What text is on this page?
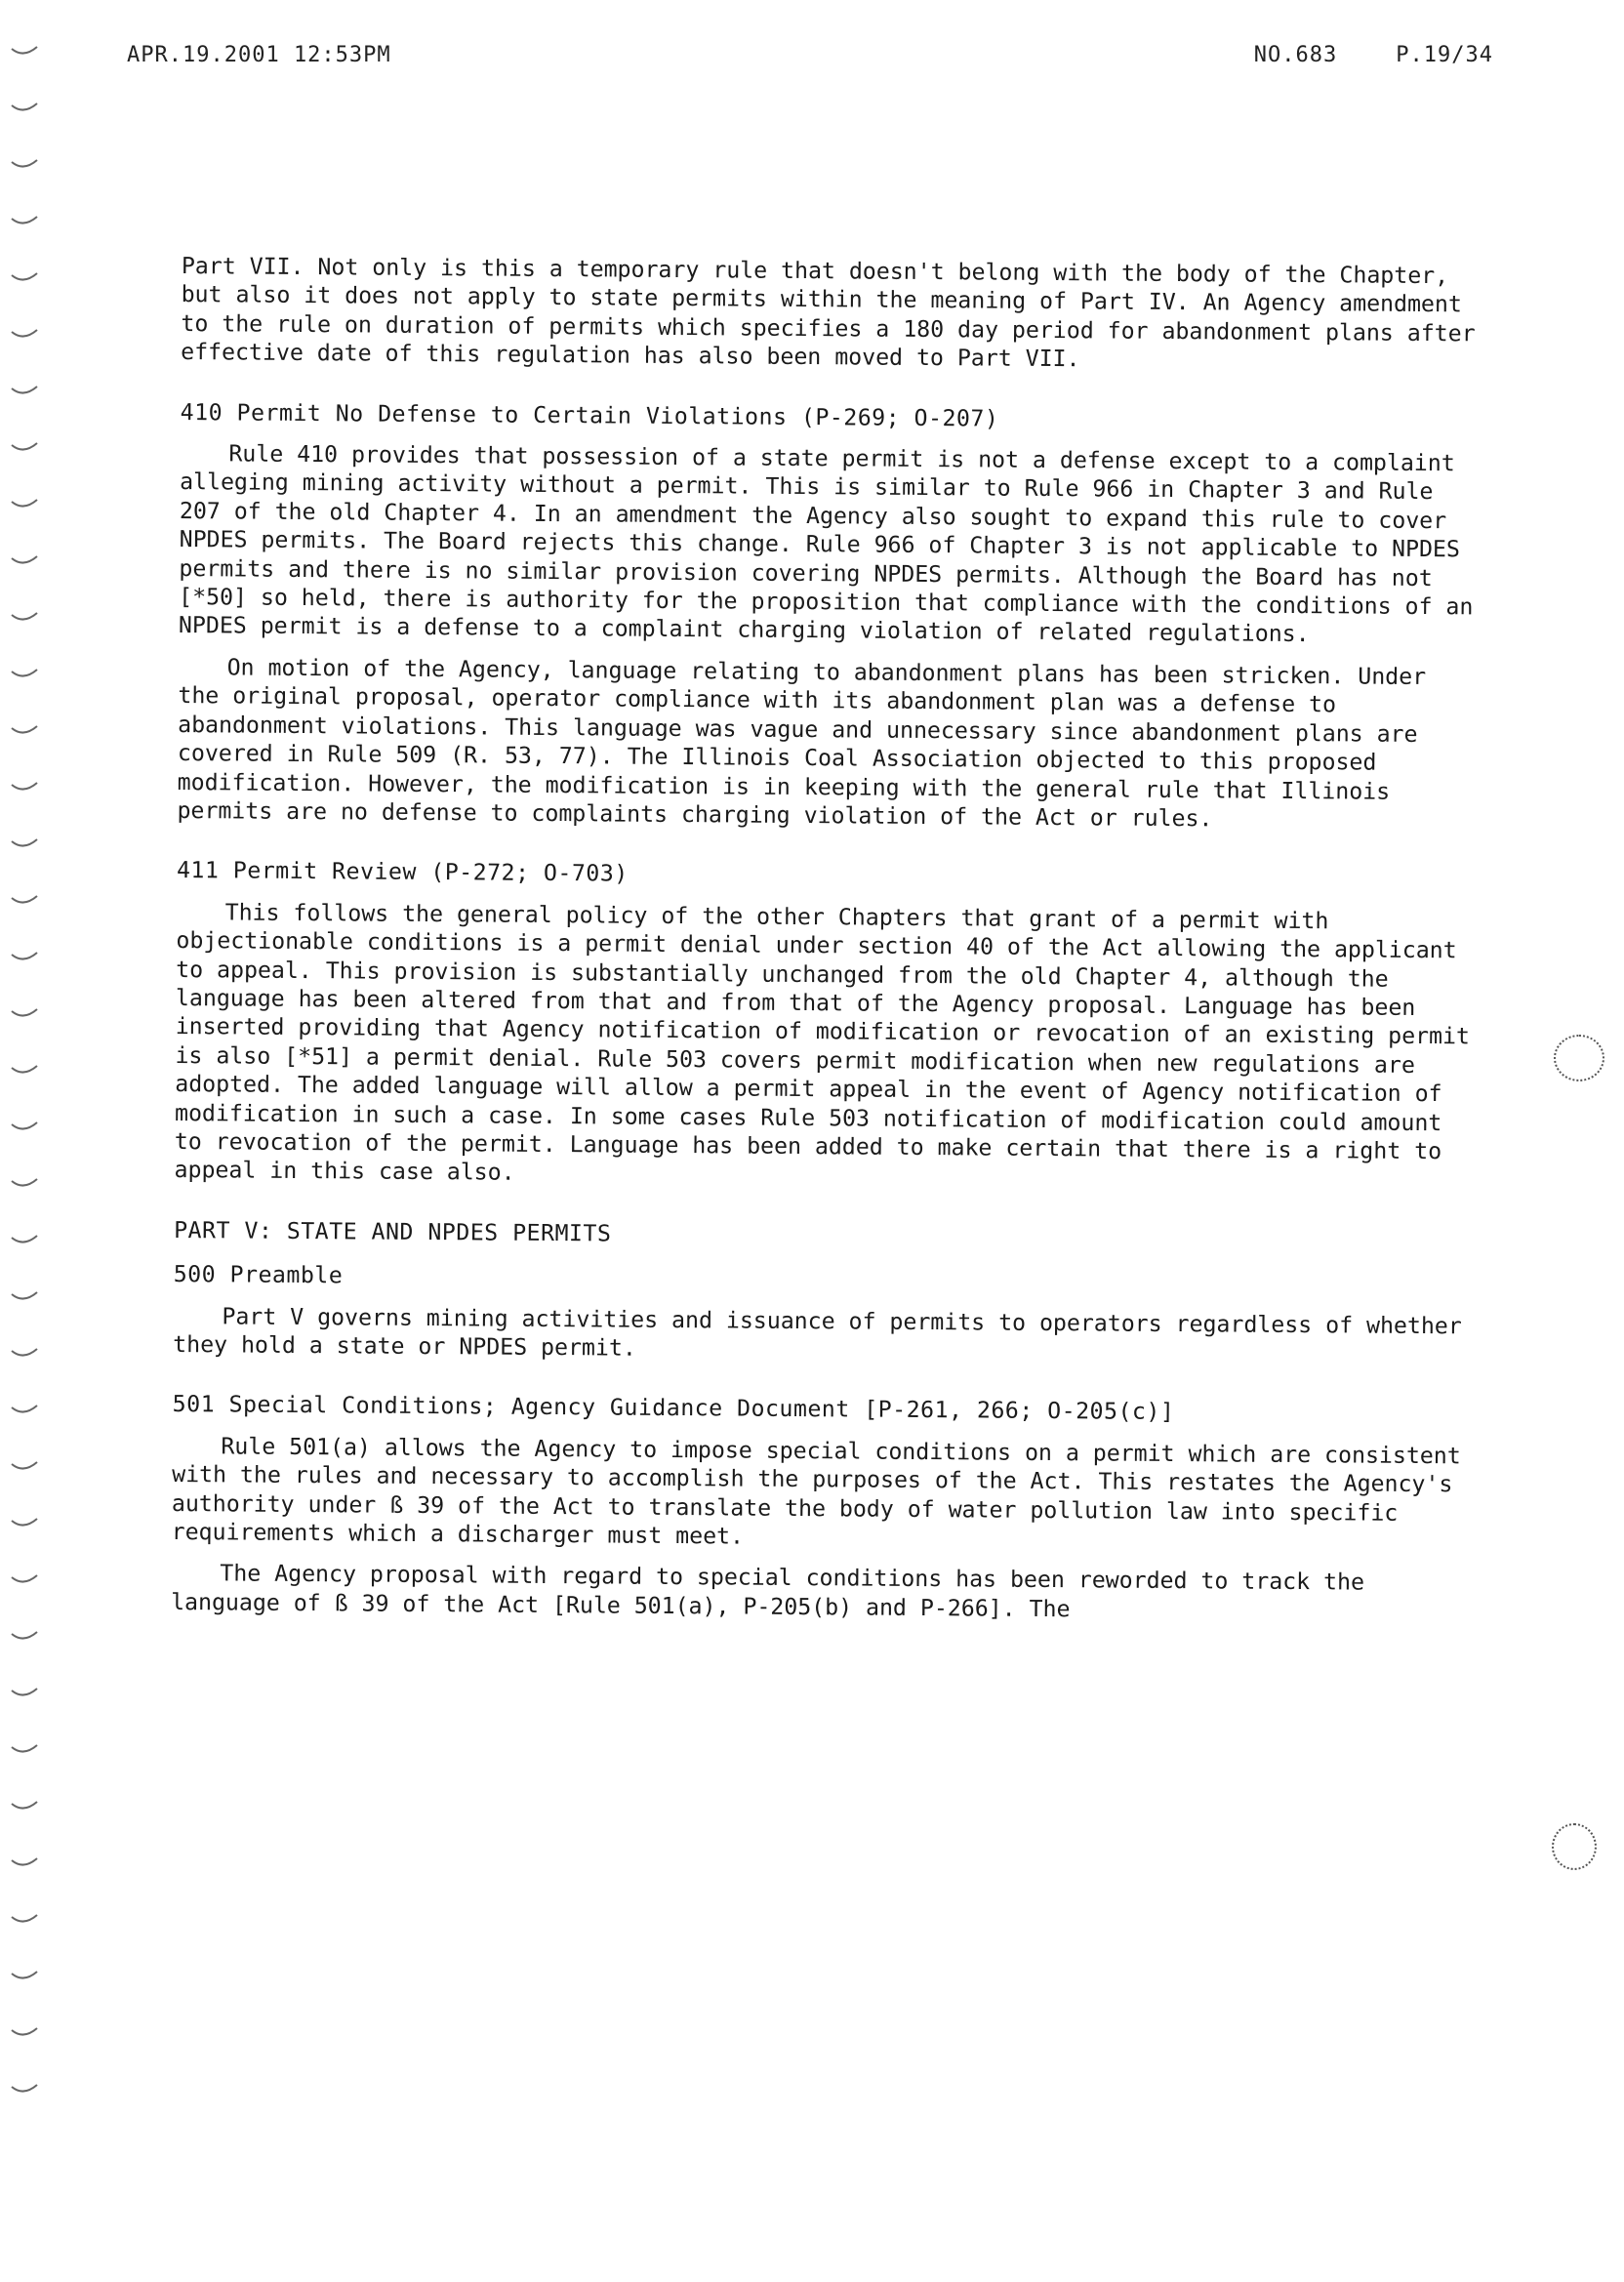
APR.19.2001 12:53PM	NO.683	P.19/34

Part VII. Not only is this a temporary rule that doesn't belong with the body of the Chapter, but also it does not apply to state permits within the meaning of Part IV. An Agency amendment to the rule on duration of permits which specifies a 180 day period for abandonment plans after effective date of this regulation has also been moved to Part VII.

410 Permit No Defense to Certain Violations (P-269; O-207)

Rule 410 provides that possession of a state permit is not a defense except to a complaint alleging mining activity without a permit. This is similar to Rule 966 in Chapter 3 and Rule 207 of the old Chapter 4. In an amendment the Agency also sought to expand this rule to cover NPDES permits. The Board rejects this change. Rule 966 of Chapter 3 is not applicable to NPDES permits and there is no similar provision covering NPDES permits. Although the Board has not [*50] so held, there is authority for the proposition that compliance with the conditions of an NPDES permit is a defense to a complaint charging violation of related regulations.

On motion of the Agency, language relating to abandonment plans has been stricken. Under the original proposal, operator compliance with its abandonment plan was a defense to abandonment violations. This language was vague and unnecessary since abandonment plans are covered in Rule 509 (R. 53, 77). The Illinois Coal Association objected to this proposed modification. However, the modification is in keeping with the general rule that Illinois permits are no defense to complaints charging violation of the Act or rules.

411 Permit Review (P-272; O-703)

This follows the general policy of the other Chapters that grant of a permit with objectionable conditions is a permit denial under section 40 of the Act allowing the applicant to appeal. This provision is substantially unchanged from the old Chapter 4, although the language has been altered from that and from that of the Agency proposal. Language has been inserted providing that Agency notification of modification or revocation of an existing permit is also [*51] a permit denial. Rule 503 covers permit modification when new regulations are adopted. The added language will allow a permit appeal in the event of Agency notification of modification in such a case. In some cases Rule 503 notification of modification could amount to revocation of the permit. Language has been added to make certain that there is a right to appeal in this case also.

PART V: STATE AND NPDES PERMITS

500 Preamble

Part V governs mining activities and issuance of permits to operators regardless of whether they hold a state or NPDES permit.

501 Special Conditions; Agency Guidance Document [P-261, 266; O-205(c)]

Rule 501(a) allows the Agency to impose special conditions on a permit which are consistent with the rules and necessary to accomplish the purposes of the Act. This restates the Agency's authority under ß 39 of the Act to translate the body of water pollution law into specific requirements which a discharger must meet.

The Agency proposal with regard to special conditions has been reworded to track the language of ß 39 of the Act [Rule 501(a), P-205(b) and P-266]. The
